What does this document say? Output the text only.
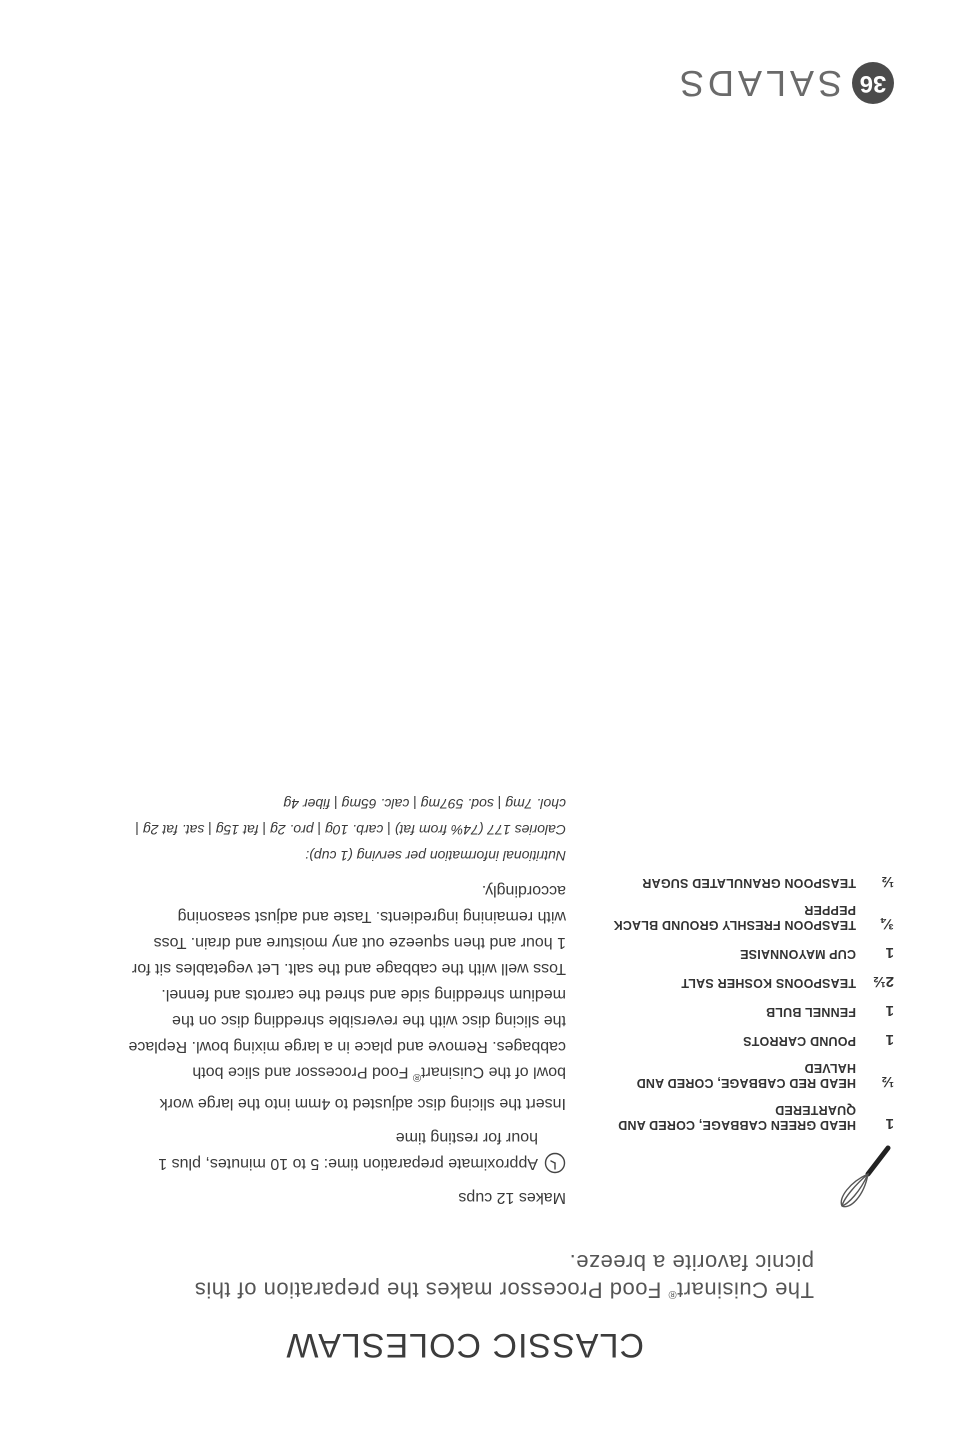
36
SALADS
CLASSIC COLESLAW
The Cuisinart® Food Processor makes the preparation of this picnic favorite a breeze.
1
HEAD GREEN CABBAGE, CORED AND QUARTERED
½
HEAD RED CABBAGE, CORED AND HALVED
1
POUND CARROTS
1
FENNEL BULB
2½
TEASPOONS KOSHER SALT
1
CUP MAYONNAISE
¾
TEASPOON FRESHLY GROUND BLACK PEPPER
½
TEASPOON GRANULATED SUGAR

Makes 12 cups

Approximate preparation time: 5 to 10 minutes, plus 1 hour for resting time

Insert the slicing disc adjusted to 4mm into the large work bowl of the Cuisinart® Food Processor and slice both cabbages. Remove and place in a large mixing bowl. Replace the slicing disc with the reversible shredding disc on the medium shredding side and shred the carrots and fennel. Toss well with the cabbage and the salt. Let vegetables sit for 1 hour and then squeeze out any moisture and drain. Toss with remaining ingredients. Taste and adjust seasoning accordingly.

Nutritional information per serving (1 cup):

Calories 177 (74% from fat) | carb. 10g | pro. 2g | fat 15g | sat. fat 2g | chol. 7mg | sod. 597mg | calc. 65mg | fiber 4g
